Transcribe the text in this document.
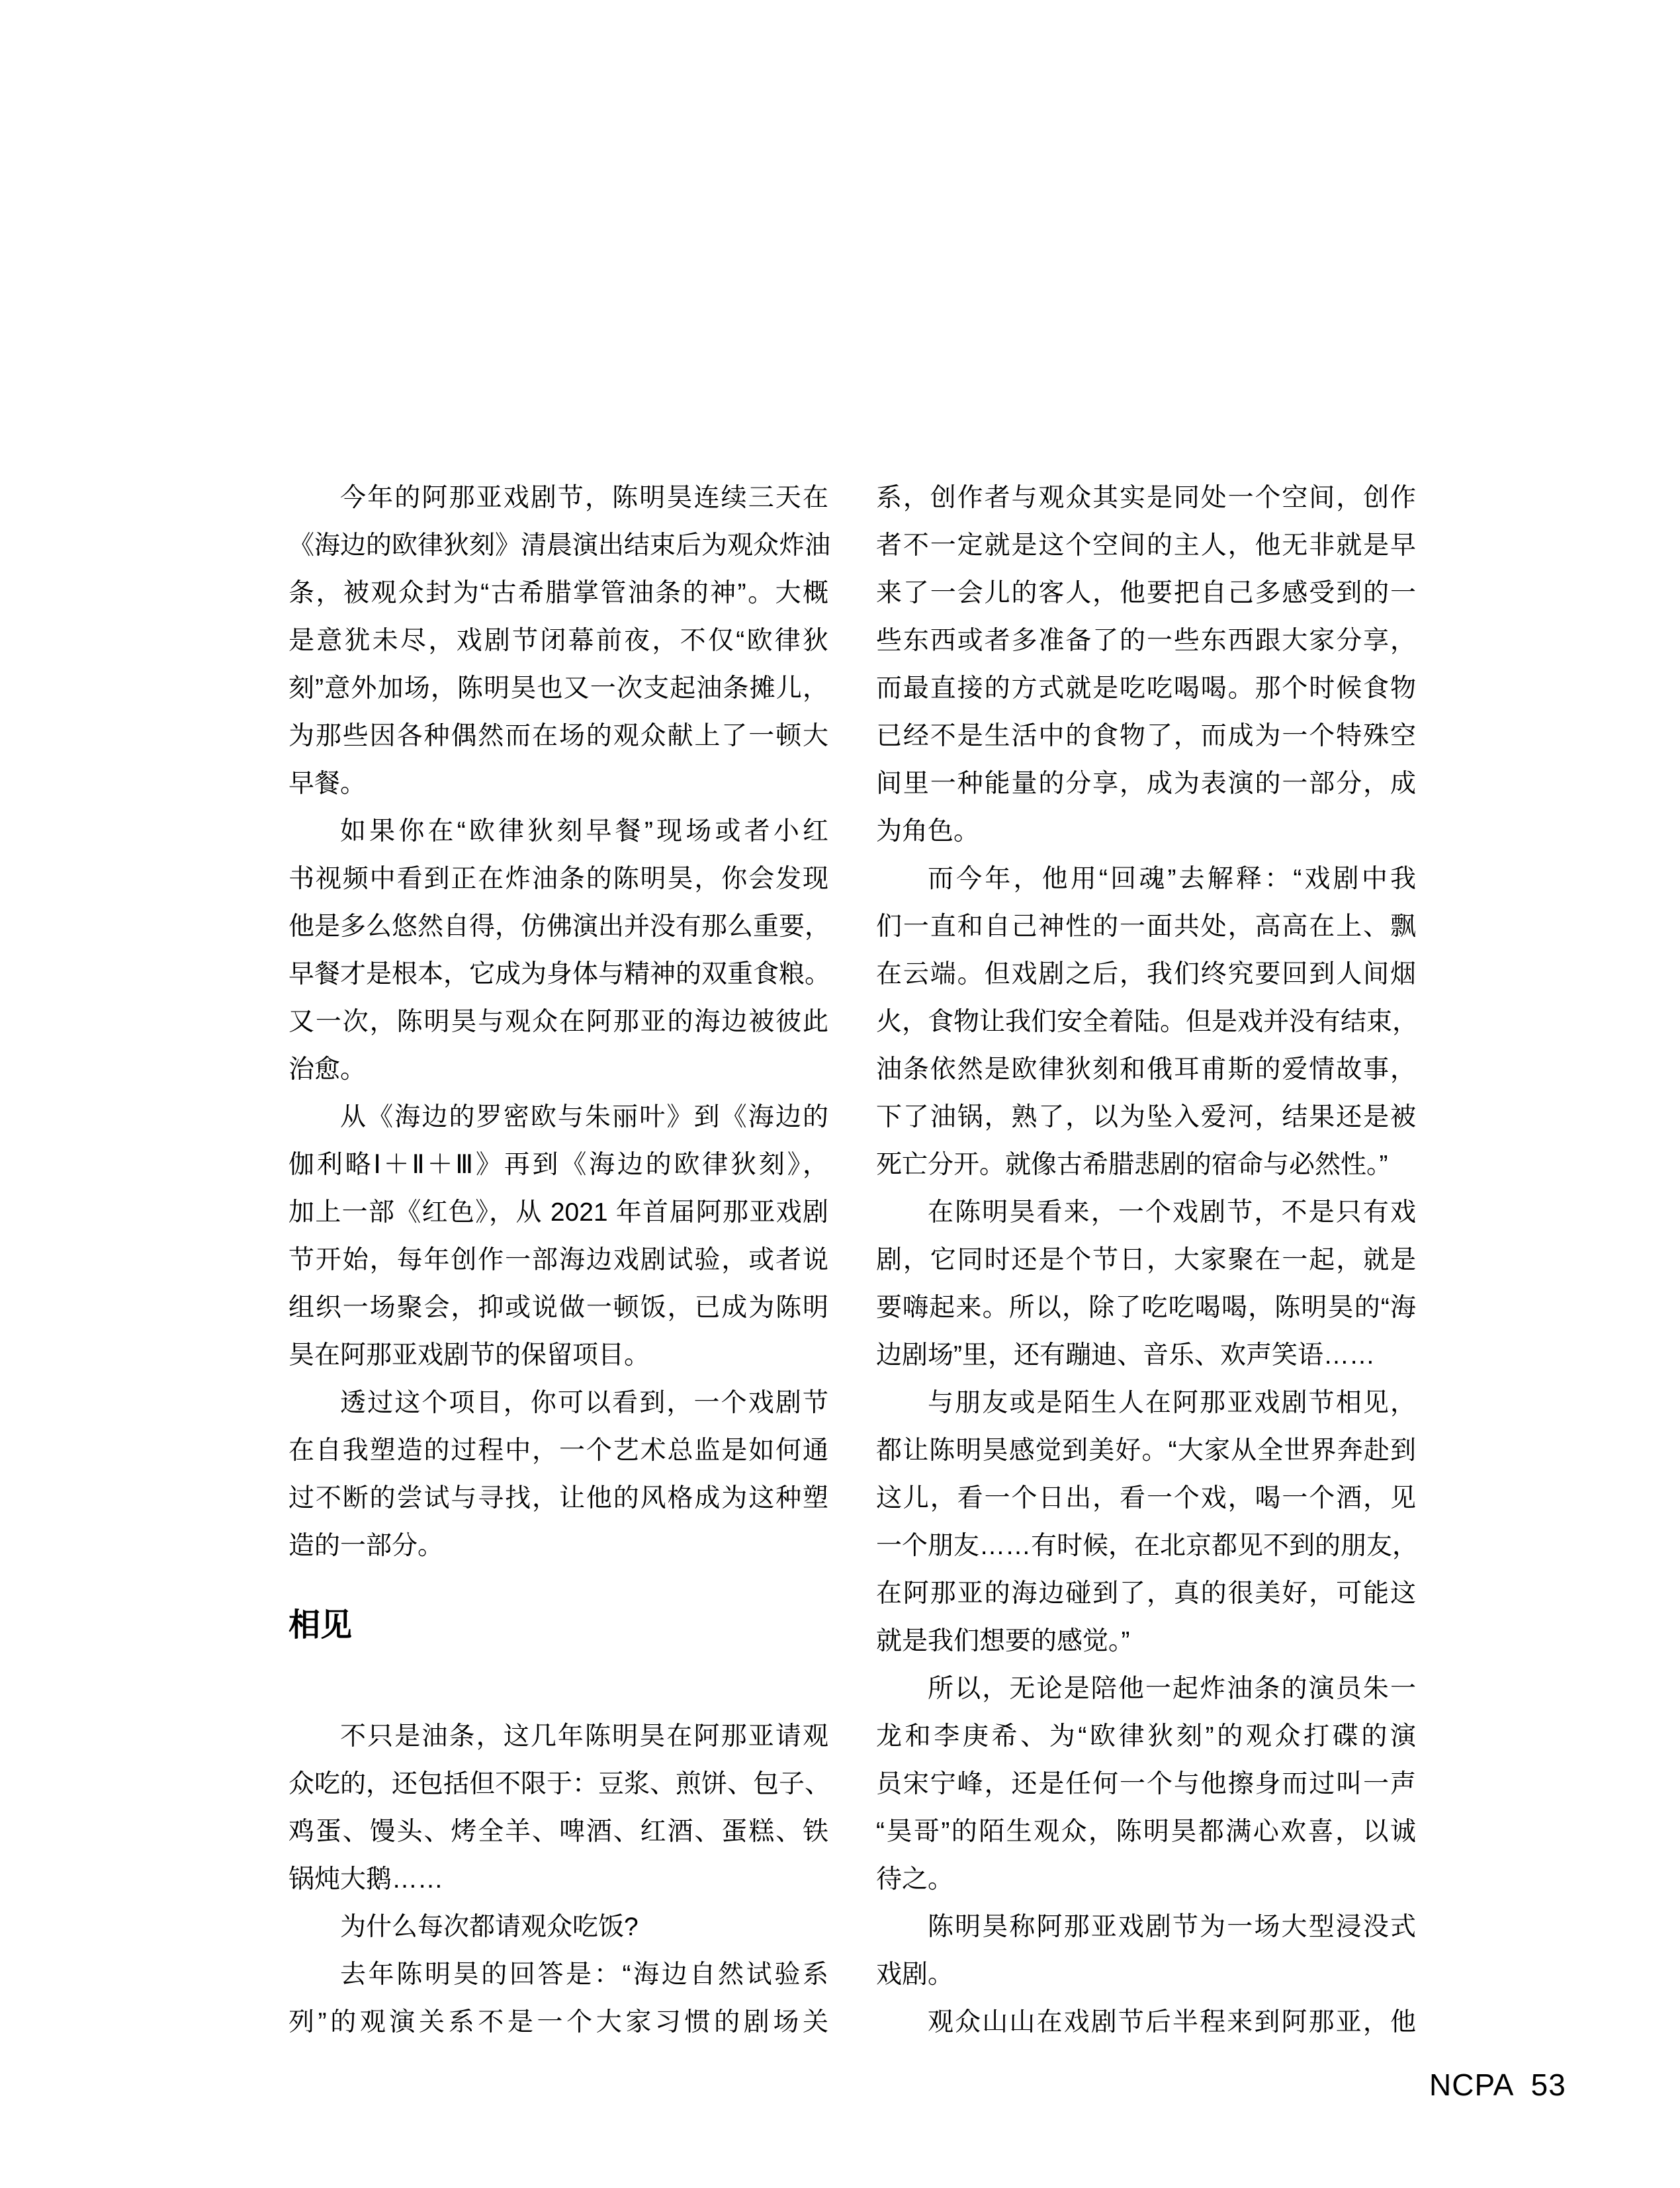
今年的阿那亚戏剧节，陈明昊连续三天在
《海边的欧律狄刻》清晨演出结束后为观众炸油
条，被观众封为“古希腊掌管油条的神”。大概
是意犹未尽，戏剧节闭幕前夜，不仅“欧律狄
刻”意外加场，陈明昊也又一次支起油条摊儿，
为那些因各种偶然而在场的观众献上了一顿大
早餐。
如果你在“欧律狄刻早餐”现场或者小红
书视频中看到正在炸油条的陈明昊，你会发现
他是多么悠然自得，仿佛演出并没有那么重要，
早餐才是根本，它成为身体与精神的双重食粮。
又一次，陈明昊与观众在阿那亚的海边被彼此
治愈。
从《海边的罗密欧与朱丽叶》到《海边的
伽利略Ⅰ＋Ⅱ＋Ⅲ》再到《海边的欧律狄刻》，
加上一部《红色》，从 2021 年首届阿那亚戏剧
节开始，每年创作一部海边戏剧试验，或者说
组织一场聚会，抑或说做一顿饭，已成为陈明
昊在阿那亚戏剧节的保留项目。
透过这个项目，你可以看到，一个戏剧节
在自我塑造的过程中，一个艺术总监是如何通
过不断的尝试与寻找，让他的风格成为这种塑
造的一部分。
相见
不只是油条，这几年陈明昊在阿那亚请观
众吃的，还包括但不限于：豆浆、煎饼、包子、
鸡蛋、馒头、烤全羊、啤酒、红酒、蛋糕、铁
锅炖大鹅……
为什么每次都请观众吃饭?
去年陈明昊的回答是：“海边自然试验系
列”的观演关系不是一个大家习惯的剧场关
系，创作者与观众其实是同处一个空间，创作
者不一定就是这个空间的主人，他无非就是早
来了一会儿的客人，他要把自己多感受到的一
些东西或者多准备了的一些东西跟大家分享，
而最直接的方式就是吃吃喝喝。那个时候食物
已经不是生活中的食物了，而成为一个特殊空
间里一种能量的分享，成为表演的一部分，成
为角色。
而今年，他用“回魂”去解释：“戏剧中我
们一直和自己神性的一面共处，高高在上、飘
在云端。但戏剧之后，我们终究要回到人间烟
火，食物让我们安全着陆。但是戏并没有结束，
油条依然是欧律狄刻和俄耳甫斯的爱情故事，
下了油锅，熟了，以为坠入爱河，结果还是被
死亡分开。就像古希腊悲剧的宿命与必然性。”
在陈明昊看来，一个戏剧节，不是只有戏
剧，它同时还是个节日，大家聚在一起，就是
要嗨起来。所以，除了吃吃喝喝，陈明昊的“海
边剧场”里，还有蹦迪、音乐、欢声笑语……
与朋友或是陌生人在阿那亚戏剧节相见，
都让陈明昊感觉到美好。“大家从全世界奔赴到
这儿，看一个日出，看一个戏，喝一个酒，见
一个朋友……有时候，在北京都见不到的朋友，
在阿那亚的海边碰到了，真的很美好，可能这
就是我们想要的感觉。”
所以，无论是陪他一起炸油条的演员朱一
龙和李庚希、为“欧律狄刻”的观众打碟的演
员宋宁峰，还是任何一个与他擦身而过叫一声
“昊哥”的陌生观众，陈明昊都满心欢喜，以诚
待之。
陈明昊称阿那亚戏剧节为一场大型浸没式
戏剧。
观众山山在戏剧节后半程来到阿那亚，他
NCPA 53
